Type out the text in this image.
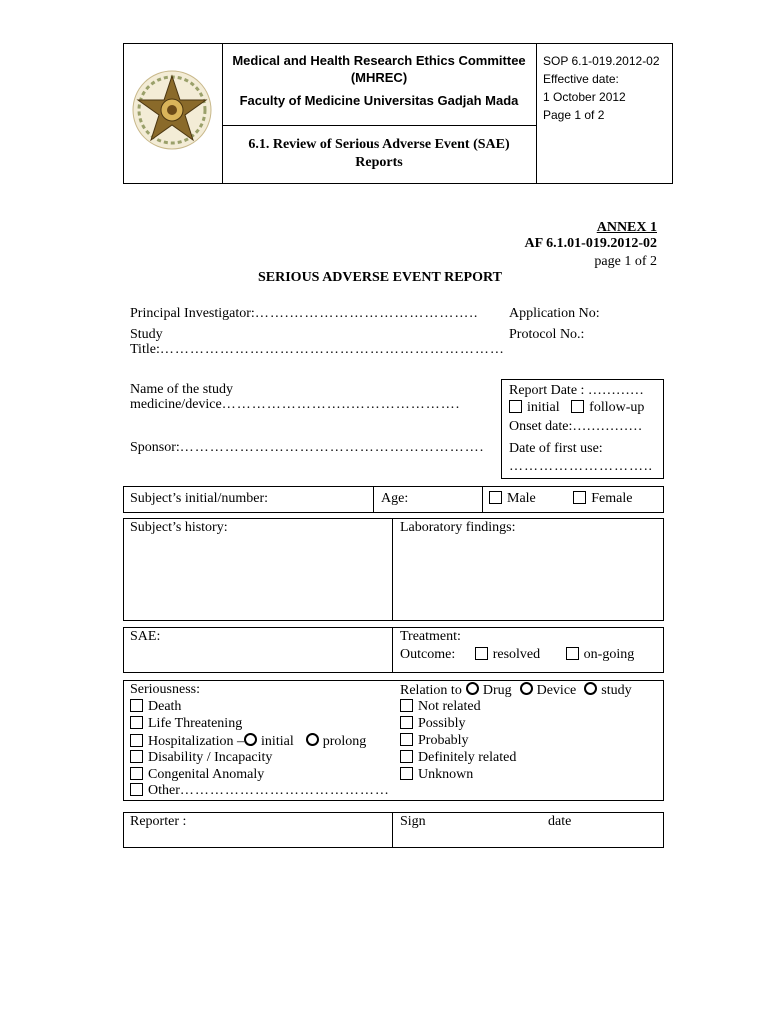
Medical and Health Research Ethics Committee
(MHREC)
Faculty of Medicine Universitas Gadjah Mada
6.1. Review of Serious Adverse Event (SAE)
Reports
SOP 6.1-019.2012-02
Effective date:
1 October 2012
Page 1 of 2
ANNEX 1
AF 6.1.01-019.2012-02
page 1 of 2
SERIOUS ADVERSE EVENT REPORT
Principal Investigator:…….……………………………….. Application No:
Study
Title:……………………………………………………………
Protocol No.:
Name of the study
medicine/device……………………..………………….
Sponsor:…………………………………………………….
Report Date : …………
initial follow-up
Onset date:……………
Date of first use:
………………………..
Subject’s initial/number:	Age:	Male	Female
Subject’s history:	Laboratory findings:
SAE:	Treatment:
Outcome:	resolved	on-going
Seriousness:
Death
Life Threatening
Hospitalization – initial prolong
Disability / Incapacity
Congenital Anomaly
Other……………………………………
Relation to Drug Device study
Not related
Possibly
Probably
Definitely related
Unknown
Reporter :	Sign	date
